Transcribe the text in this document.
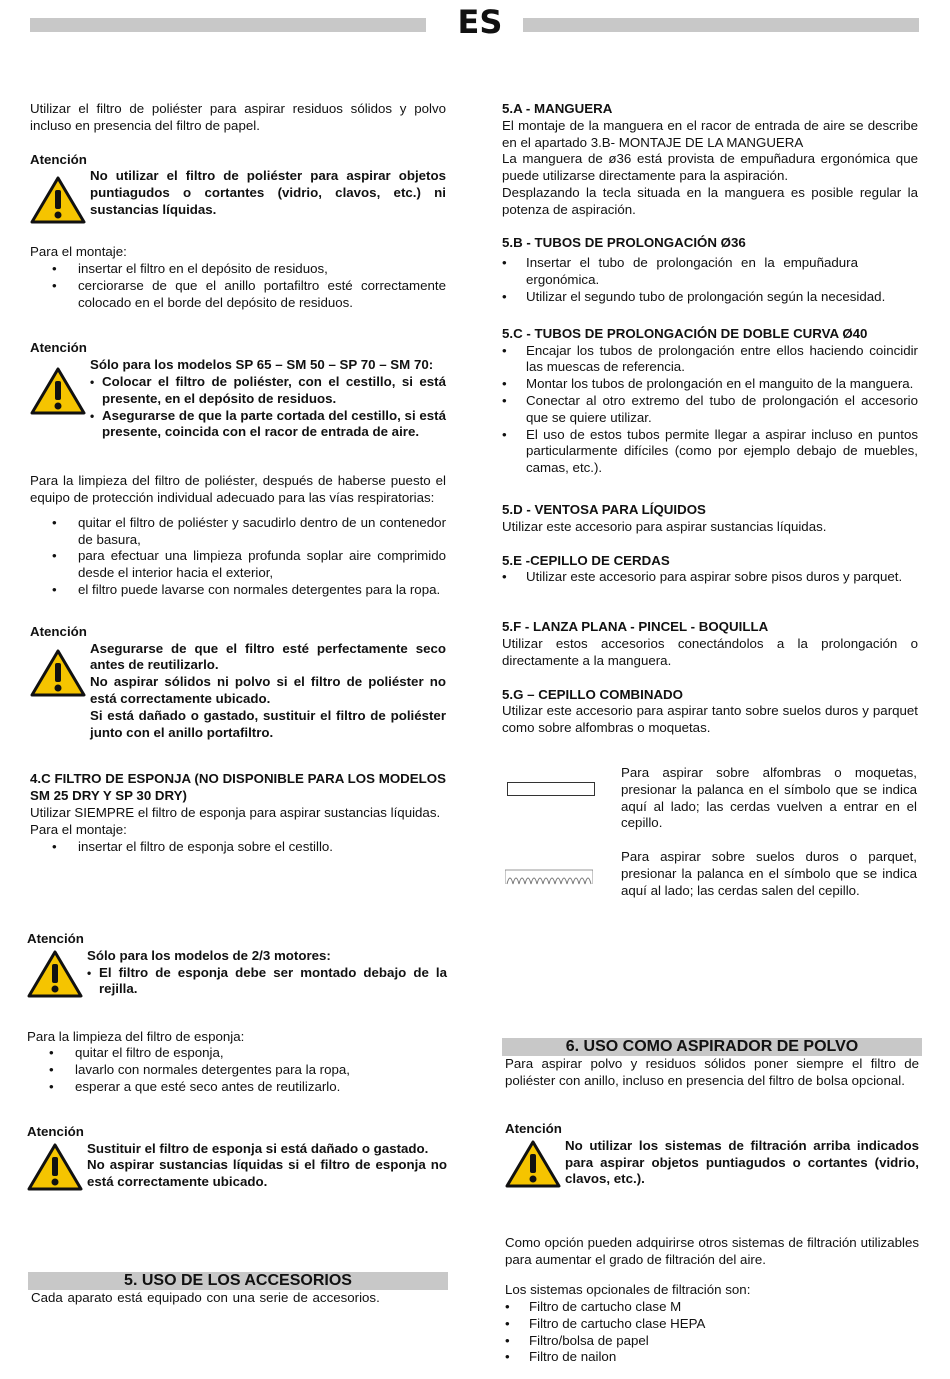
ES

Utilizar el filtro de poliéster para aspirar residuos sólidos y polvo incluso en presencia del filtro de papel.

Atención
No utilizar el filtro de poliéster para aspirar objetos puntiagudos o cortantes (vidrio, clavos, etc.) ni sustancias líquidas.
Para el montaje:
• insertar el filtro en el depósito de residuos,
• cerciorarse de que el anillo portafiltro esté correctamente colocado en el borde del depósito de residuos.
Atención
Sólo para los modelos SP 65 – SM 50 – SP 70 – SM 70:
• Colocar el filtro de poliéster, con el cestillo, si está presente, en el depósito de residuos.
• Asegurarse de que la parte cortada del cestillo, si está presente, coincida con el racor de entrada de aire.

Para la limpieza del filtro de poliéster, después de haberse puesto el equipo de protección individual adecuado para las vías respiratorias:

• quitar el filtro de poliéster y sacudirlo dentro de un contenedor de basura,
• para efectuar una limpieza profunda soplar aire comprimido desde el interior hacia el exterior,
• el filtro puede lavarse con normales detergentes para la ropa.
Atención
Asegurarse de que el filtro esté perfectamente seco antes de reutilizarlo.
No aspirar sólidos ni polvo si el filtro de poliéster no está correctamente ubicado.
Si está dañado o gastado, sustituir el filtro de poliéster junto con el anillo portafiltro.
4.C FILTRO DE ESPONJA (NO DISPONIBLE PARA LOS MODELOS SM 25 DRY Y SP 30 DRY)

Utilizar SIEMPRE el filtro de esponja para aspirar sustancias líquidas.

Para el montaje:
• insertar el filtro de esponja sobre el cestillo.
Atención
Sólo para los modelos de 2/3 motores:
• El filtro de esponja debe ser montado debajo de la rejilla.
Para la limpieza del filtro de esponja:
• quitar el filtro de esponja,
• lavarlo con normales detergentes para la ropa,
• esperar a que esté seco antes de reutilizarlo.
Atención
Sustituir el filtro de esponja si está dañado o gastado.
No aspirar sustancias líquidas si el filtro de esponja no está correctamente ubicado.
5. USO DE LOS ACCESORIOS
Cada aparato está equipado con una serie de accesorios.
5.A - MANGUERA

El montaje de la manguera en el racor de entrada de aire se describe en el apartado 3.B- MONTAJE DE LA MANGUERA

La manguera de ø36 está provista de empuñadura ergonómica que puede utilizarse directamente para la aspiración.

Desplazando la tecla situada en la manguera es posible regular la potenza de aspiración.

5.B - TUBOS DE PROLONGACIÓN Ø36
• Insertar el tubo de prolongación en la empuñadura ergonómica.
• Utilizar el segundo tubo de prolongación según la necesidad.
5.C - TUBOS DE PROLONGACIÓN DE DOBLE CURVA Ø40
• Encajar los tubos de prolongación entre ellos haciendo coincidir las muescas de referencia.
• Montar los tubos de prolongación en el manguito de la manguera.
• Conectar al otro extremo del tubo de prolongación el accesorio que se quiere utilizar.
• El uso de estos tubos permite llegar a aspirar incluso en puntos particularmente difíciles (como por ejemplo debajo de muebles, camas, etc.).
5.D - VENTOSA PARA LÍQUIDOS

Utilizar este accesorio para aspirar sustancias líquidas.

5.E -CEPILLO DE CERDAS
• Utilizar este accesorio para aspirar sobre pisos duros y parquet.
5.F - LANZA PLANA - PINCEL - BOQUILLA

Utilizar estos accesorios conectándolos a la prolongación o directamente a la manguera.

5.G – CEPILLO COMBINADO

Utilizar este accesorio para aspirar tanto sobre suelos duros y parquet como sobre alfombras o moquetas.

Para aspirar sobre alfombras o moquetas, presionar la palanca en el símbolo que se indica aquí al lado; las cerdas vuelven a entrar en el cepillo.
Para aspirar sobre suelos duros o parquet, presionar la palanca en el símbolo que se indica aquí al lado; las cerdas salen del cepillo.
6. USO COMO ASPIRADOR DE POLVO
Para aspirar polvo y residuos sólidos poner siempre el filtro de poliéster con anillo, incluso en presencia del filtro de bolsa opcional.
Atención
No utilizar los sistemas de filtración arriba indicados para aspirar objetos puntiagudos o cortantes (vidrio, clavos, etc.).

Como opción pueden adquirirse otros sistemas de filtración utilizables para aumentar el grado de filtración del aire.

Los sistemas opcionales de filtración son:
• Filtro de cartucho clase M
• Filtro de cartucho clase HEPA
• Filtro/bolsa de papel
• Filtro de nailon
